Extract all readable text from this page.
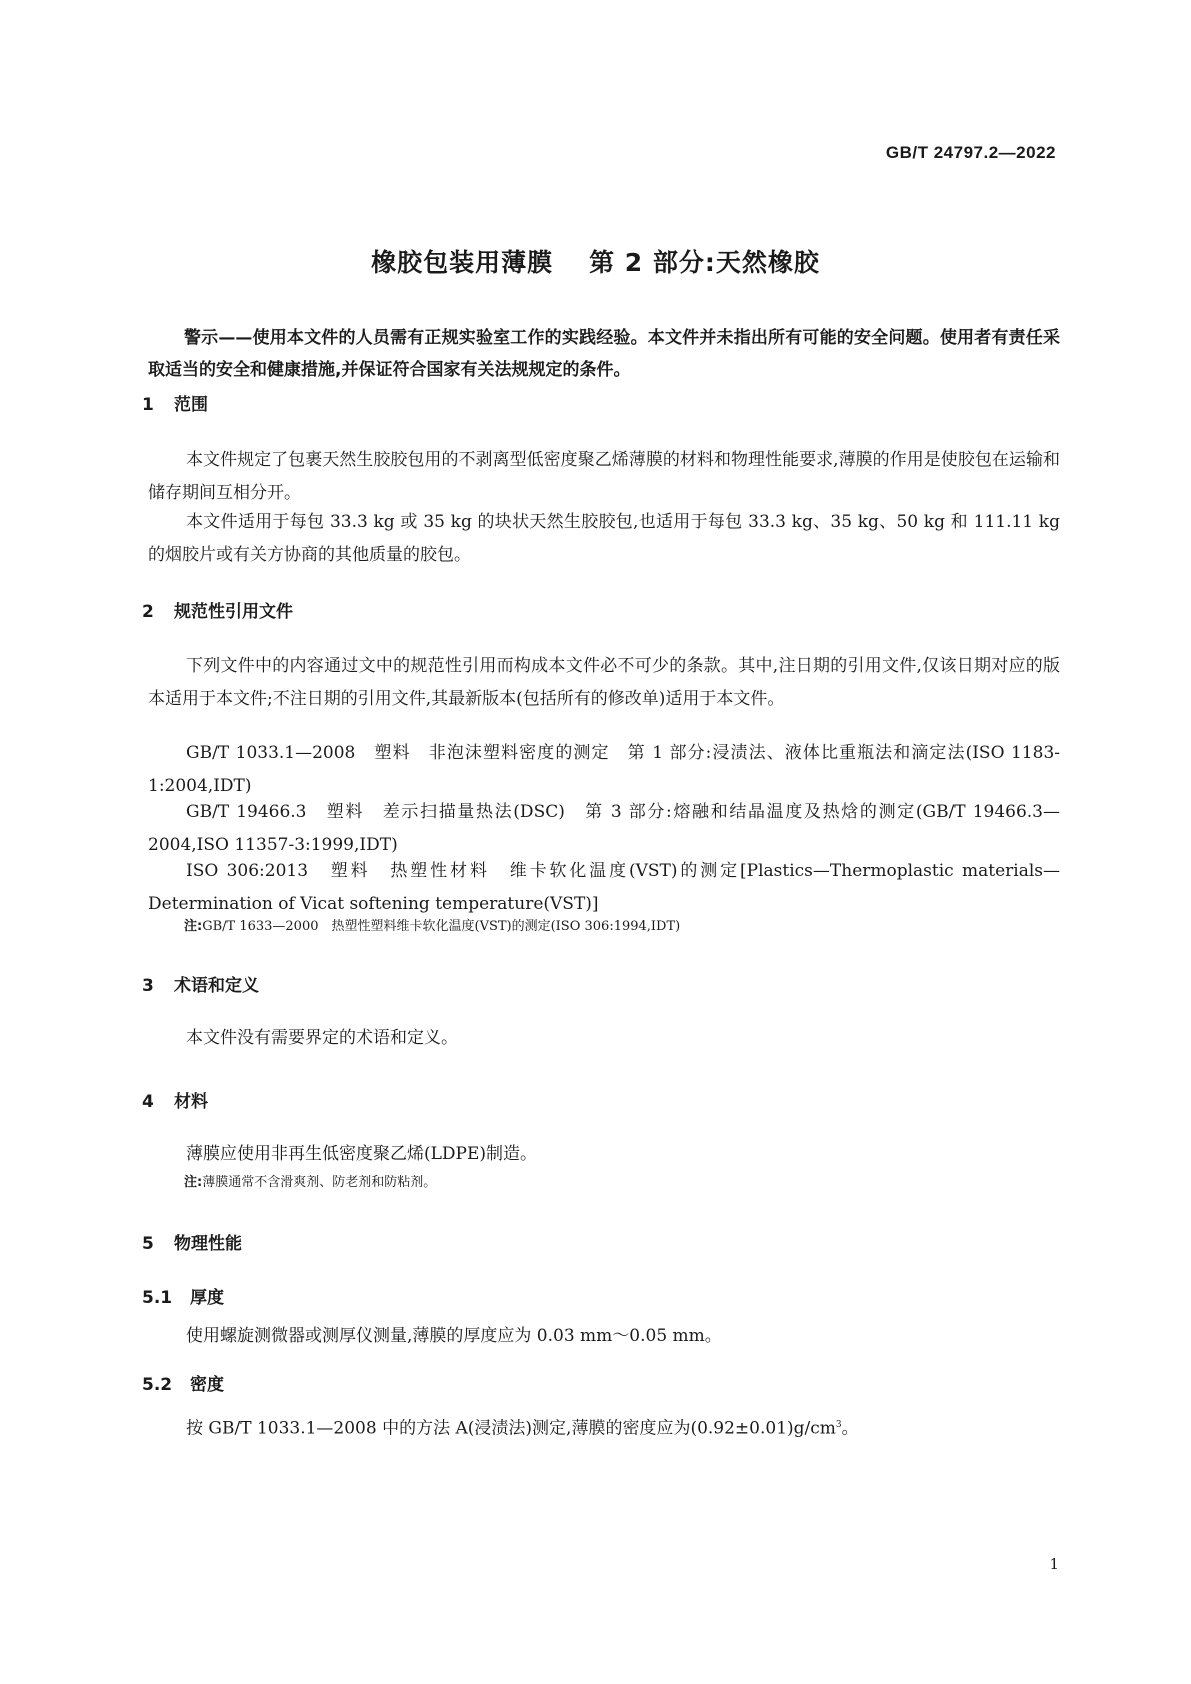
GB/T 24797.2—2022
橡胶包装用薄膜 第 2 部分:天然橡胶
警示——使用本文件的人员需有正规实验室工作的实践经验。本文件并未指出所有可能的安全问题。使用者有责任采取适当的安全和健康措施,并保证符合国家有关法规规定的条件。
1 范围
本文件规定了包裹天然生胶胶包用的不剥离型低密度聚乙烯薄膜的材料和物理性能要求,薄膜的作用是使胶包在运输和储存期间互相分开。
本文件适用于每包 33.3 kg 或 35 kg 的块状天然生胶胶包,也适用于每包 33.3 kg、35 kg、50 kg 和 111.11 kg 的烟胶片或有关方协商的其他质量的胶包。
2 规范性引用文件
下列文件中的内容通过文中的规范性引用而构成本文件必不可少的条款。其中,注日期的引用文件,仅该日期对应的版本适用于本文件;不注日期的引用文件,其最新版本(包括所有的修改单)适用于本文件。
GB/T 1033.1—2008　塑料　非泡沫塑料密度的测定　第 1 部分:浸渍法、液体比重瓶法和滴定法(ISO 1183-1:2004,IDT)
GB/T 19466.3　塑料　差示扫描量热法(DSC)　第 3 部分:熔融和结晶温度及热焓的测定(GB/T 19466.3—2004,ISO 11357-3:1999,IDT)
ISO 306:2013　塑料　热塑性材料　维卡软化温度(VST)的测定[Plastics—Thermoplastic materials—Determination of Vicat softening temperature(VST)]
注:GB/T 1633—2000　热塑性塑料维卡软化温度(VST)的测定(ISO 306:1994,IDT)
3 术语和定义
本文件没有需要界定的术语和定义。
4 材料
薄膜应使用非再生低密度聚乙烯(LDPE)制造。
注:薄膜通常不含滑爽剂、防老剂和防粘剂。
5 物理性能
5.1 厚度
使用螺旋测微器或测厚仪测量,薄膜的厚度应为 0.03 mm～0.05 mm。
5.2 密度
按 GB/T 1033.1—2008 中的方法 A(浸渍法)测定,薄膜的密度应为$(0.92\pm 0.01)g/cm^3$。
1
